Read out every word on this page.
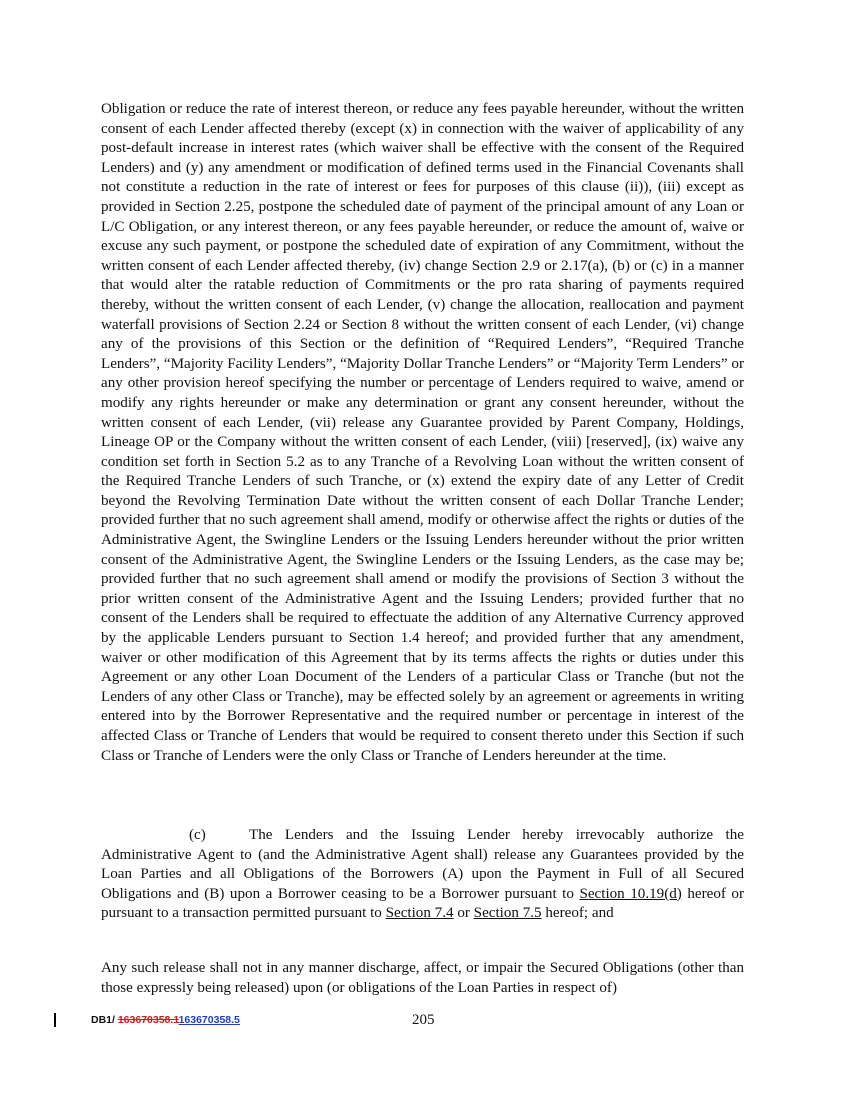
Obligation or reduce the rate of interest thereon, or reduce any fees payable hereunder, without the written consent of each Lender affected thereby (except (x) in connection with the waiver of applicability of any post-default increase in interest rates (which waiver shall be effective with the consent of the Required Lenders) and (y) any amendment or modification of defined terms used in the Financial Covenants shall not constitute a reduction in the rate of interest or fees for purposes of this clause (ii)), (iii) except as provided in Section 2.25, postpone the scheduled date of payment of the principal amount of any Loan or L/C Obligation, or any interest thereon, or any fees payable hereunder, or reduce the amount of, waive or excuse any such payment, or postpone the scheduled date of expiration of any Commitment, without the written consent of each Lender affected thereby, (iv) change Section 2.9 or 2.17(a), (b) or (c) in a manner that would alter the ratable reduction of Commitments or the pro rata sharing of payments required thereby, without the written consent of each Lender, (v) change the allocation, reallocation and payment waterfall provisions of Section 2.24 or Section 8 without the written consent of each Lender, (vi) change any of the provisions of this Section or the definition of “Required Lenders”, “Required Tranche Lenders”, “Majority Facility Lenders”, “Majority Dollar Tranche Lenders” or “Majority Term Lenders” or any other provision hereof specifying the number or percentage of Lenders required to waive, amend or modify any rights hereunder or make any determination or grant any consent hereunder, without the written consent of each Lender, (vii) release any Guarantee provided by Parent Company, Holdings, Lineage OP or the Company without the written consent of each Lender, (viii) [reserved], (ix) waive any condition set forth in Section 5.2 as to any Tranche of a Revolving Loan without the written consent of the Required Tranche Lenders of such Tranche, or (x) extend the expiry date of any Letter of Credit beyond the Revolving Termination Date without the written consent of each Dollar Tranche Lender; provided further that no such agreement shall amend, modify or otherwise affect the rights or duties of the Administrative Agent, the Swingline Lenders or the Issuing Lenders hereunder without the prior written consent of the Administrative Agent, the Swingline Lenders or the Issuing Lenders, as the case may be; provided further that no such agreement shall amend or modify the provisions of Section 3 without the prior written consent of the Administrative Agent and the Issuing Lenders; provided further that no consent of the Lenders shall be required to effectuate the addition of any Alternative Currency approved by the applicable Lenders pursuant to Section 1.4 hereof; and provided further that any amendment, waiver or other modification of this Agreement that by its terms affects the rights or duties under this Agreement or any other Loan Document of the Lenders of a particular Class or Tranche (but not the Lenders of any other Class or Tranche), may be effected solely by an agreement or agreements in writing entered into by the Borrower Representative and the required number or percentage in interest of the affected Class or Tranche of Lenders that would be required to consent thereto under this Section if such Class or Tranche of Lenders were the only Class or Tranche of Lenders hereunder at the time.

(c)	The Lenders and the Issuing Lender hereby irrevocably authorize the Administrative Agent to (and the Administrative Agent shall) release any Guarantees provided by the Loan Parties and all Obligations of the Borrowers (A) upon the Payment in Full of all Secured Obligations and (B) upon a Borrower ceasing to be a Borrower pursuant to Section 10.19(d) hereof or pursuant to a transaction permitted pursuant to Section 7.4 or Section 7.5 hereof; and

Any such release shall not in any manner discharge, affect, or impair the Secured Obligations (other than those expressly being released) upon (or obligations of the Loan Parties in respect of)

DB1/ 163670358.1163670358.5	205
